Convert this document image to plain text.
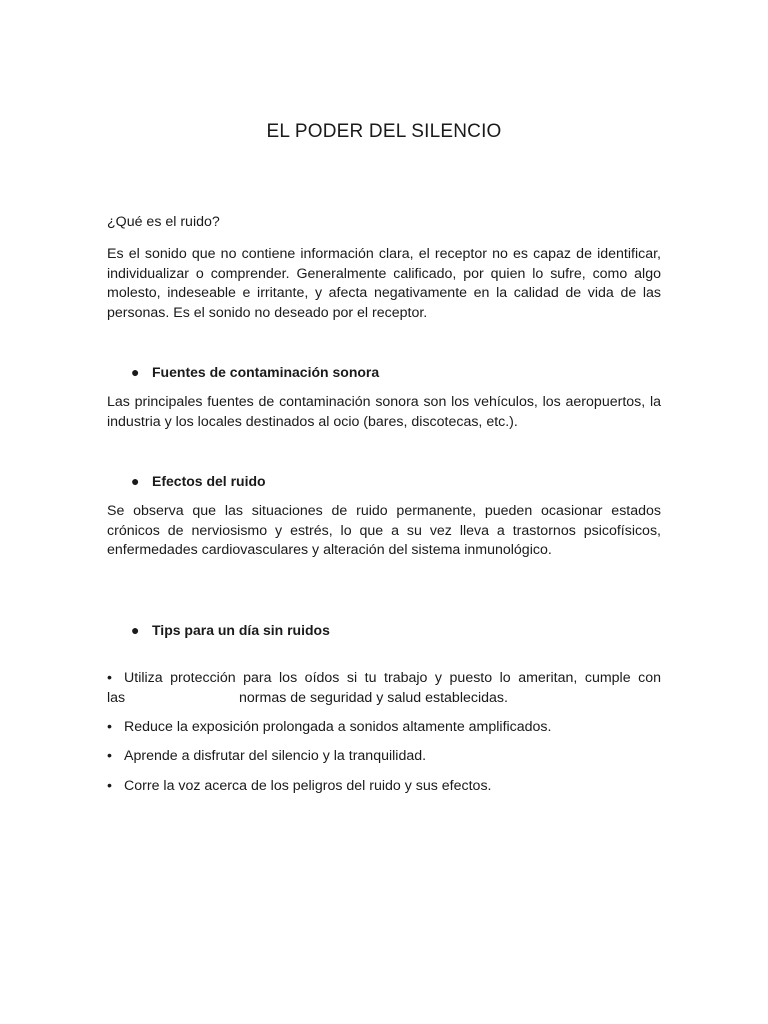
EL PODER DEL SILENCIO
¿Qué es el ruido?
Es el sonido que no contiene información clara, el receptor no es capaz de identificar, individualizar o comprender. Generalmente calificado, por quien lo sufre, como algo molesto, indeseable e irritante, y afecta negativamente en la calidad de vida de las personas. Es el sonido no deseado por el receptor.
● Fuentes de contaminación sonora
Las principales fuentes de contaminación sonora son los vehículos, los aeropuertos, la industria y los locales destinados al ocio (bares, discotecas, etc.).
● Efectos del ruido
Se observa que las situaciones de ruido permanente, pueden ocasionar estados crónicos de nerviosismo y estrés, lo que a su vez lleva a trastornos psicofísicos, enfermedades cardiovasculares y alteración del sistema inmunológico.
● Tips para un día sin ruidos
• Utiliza protección para los oídos si tu trabajo y puesto lo ameritan, cumple con
las	normas de seguridad y salud establecidas.
• Reduce la exposición prolongada a sonidos altamente amplificados.
• Aprende a disfrutar del silencio y la tranquilidad.
• Corre la voz acerca de los peligros del ruido y sus efectos.
